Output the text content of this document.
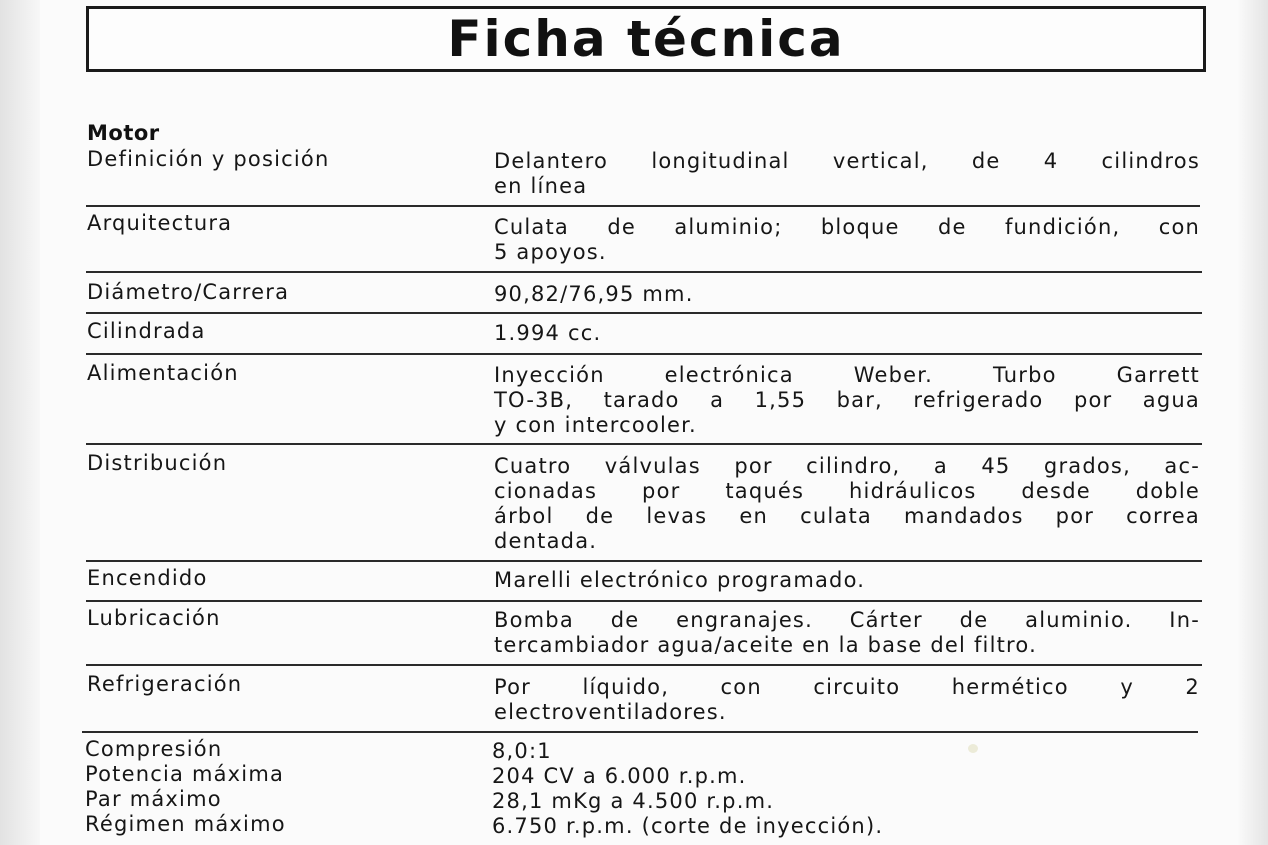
Ficha técnica
Motor
Definición y posición	Delantero longitudinal vertical, de 4 cilindros
en línea
Arquitectura	Culata de aluminio; bloque de fundición, con
5 apoyos.
Diámetro/Carrera	90,82/76,95 mm.
Cilindrada	1.994 cc.
Alimentación	Inyección electrónica Weber. Turbo Garrett
TO-3B, tarado a 1,55 bar, refrigerado por agua
y con intercooler.
Distribución	Cuatro válvulas por cilindro, a 45 grados, ac-
cionadas por taqués hidráulicos desde doble
árbol de levas en culata mandados por correa
dentada.
Encendido	Marelli electrónico programado.
Lubricación	Bomba de engranajes. Cárter de aluminio. In-
tercambiador agua/aceite en la base del filtro.
Refrigeración	Por líquido, con circuito hermético y 2
electroventiladores.
Compresión	8,0:1
Potencia máxima	204 CV a 6.000 r.p.m.
Par máximo	28,1 mKg a 4.500 r.p.m.
Régimen máximo	6.750 r.p.m. (corte de inyección).
